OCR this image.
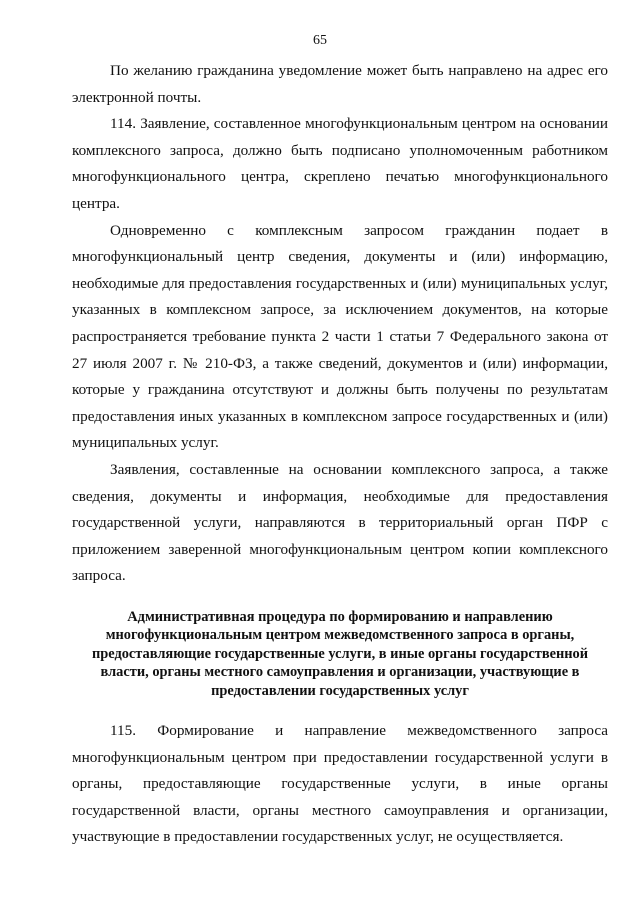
65

По желанию гражданина уведомление может быть направлено на адрес его электронной почты.

114. Заявление, составленное многофункциональным центром на основании комплексного запроса, должно быть подписано уполномоченным работником многофункционального центра, скреплено печатью многофункционального центра.

Одновременно с комплексным запросом гражданин подает в многофункциональный центр сведения, документы и (или) информацию, необходимые для предоставления государственных и (или) муниципальных услуг, указанных в комплексном запросе, за исключением документов, на которые распространяется требование пункта 2 части 1 статьи 7 Федерального закона от 27 июля 2007 г. № 210-ФЗ, а также сведений, документов и (или) информации, которые у гражданина отсутствуют и должны быть получены по результатам предоставления иных указанных в комплексном запросе государственных и (или) муниципальных услуг.

Заявления, составленные на основании комплексного запроса, а также сведения, документы и информация, необходимые для предоставления государственной услуги, направляются в территориальный орган ПФР с приложением заверенной многофункциональным центром копии комплексного запроса.

Административная процедура по формированию и направлению многофункциональным центром межведомственного запроса в органы, предоставляющие государственные услуги, в иные органы государственной власти, органы местного самоуправления и организации, участвующие в предоставлении государственных услуг

115. Формирование и направление межведомственного запроса многофункциональным центром при предоставлении государственной услуги в органы, предоставляющие государственные услуги, в иные органы государственной власти, органы местного самоуправления и организации, участвующие в предоставлении государственных услуг, не осуществляется.
